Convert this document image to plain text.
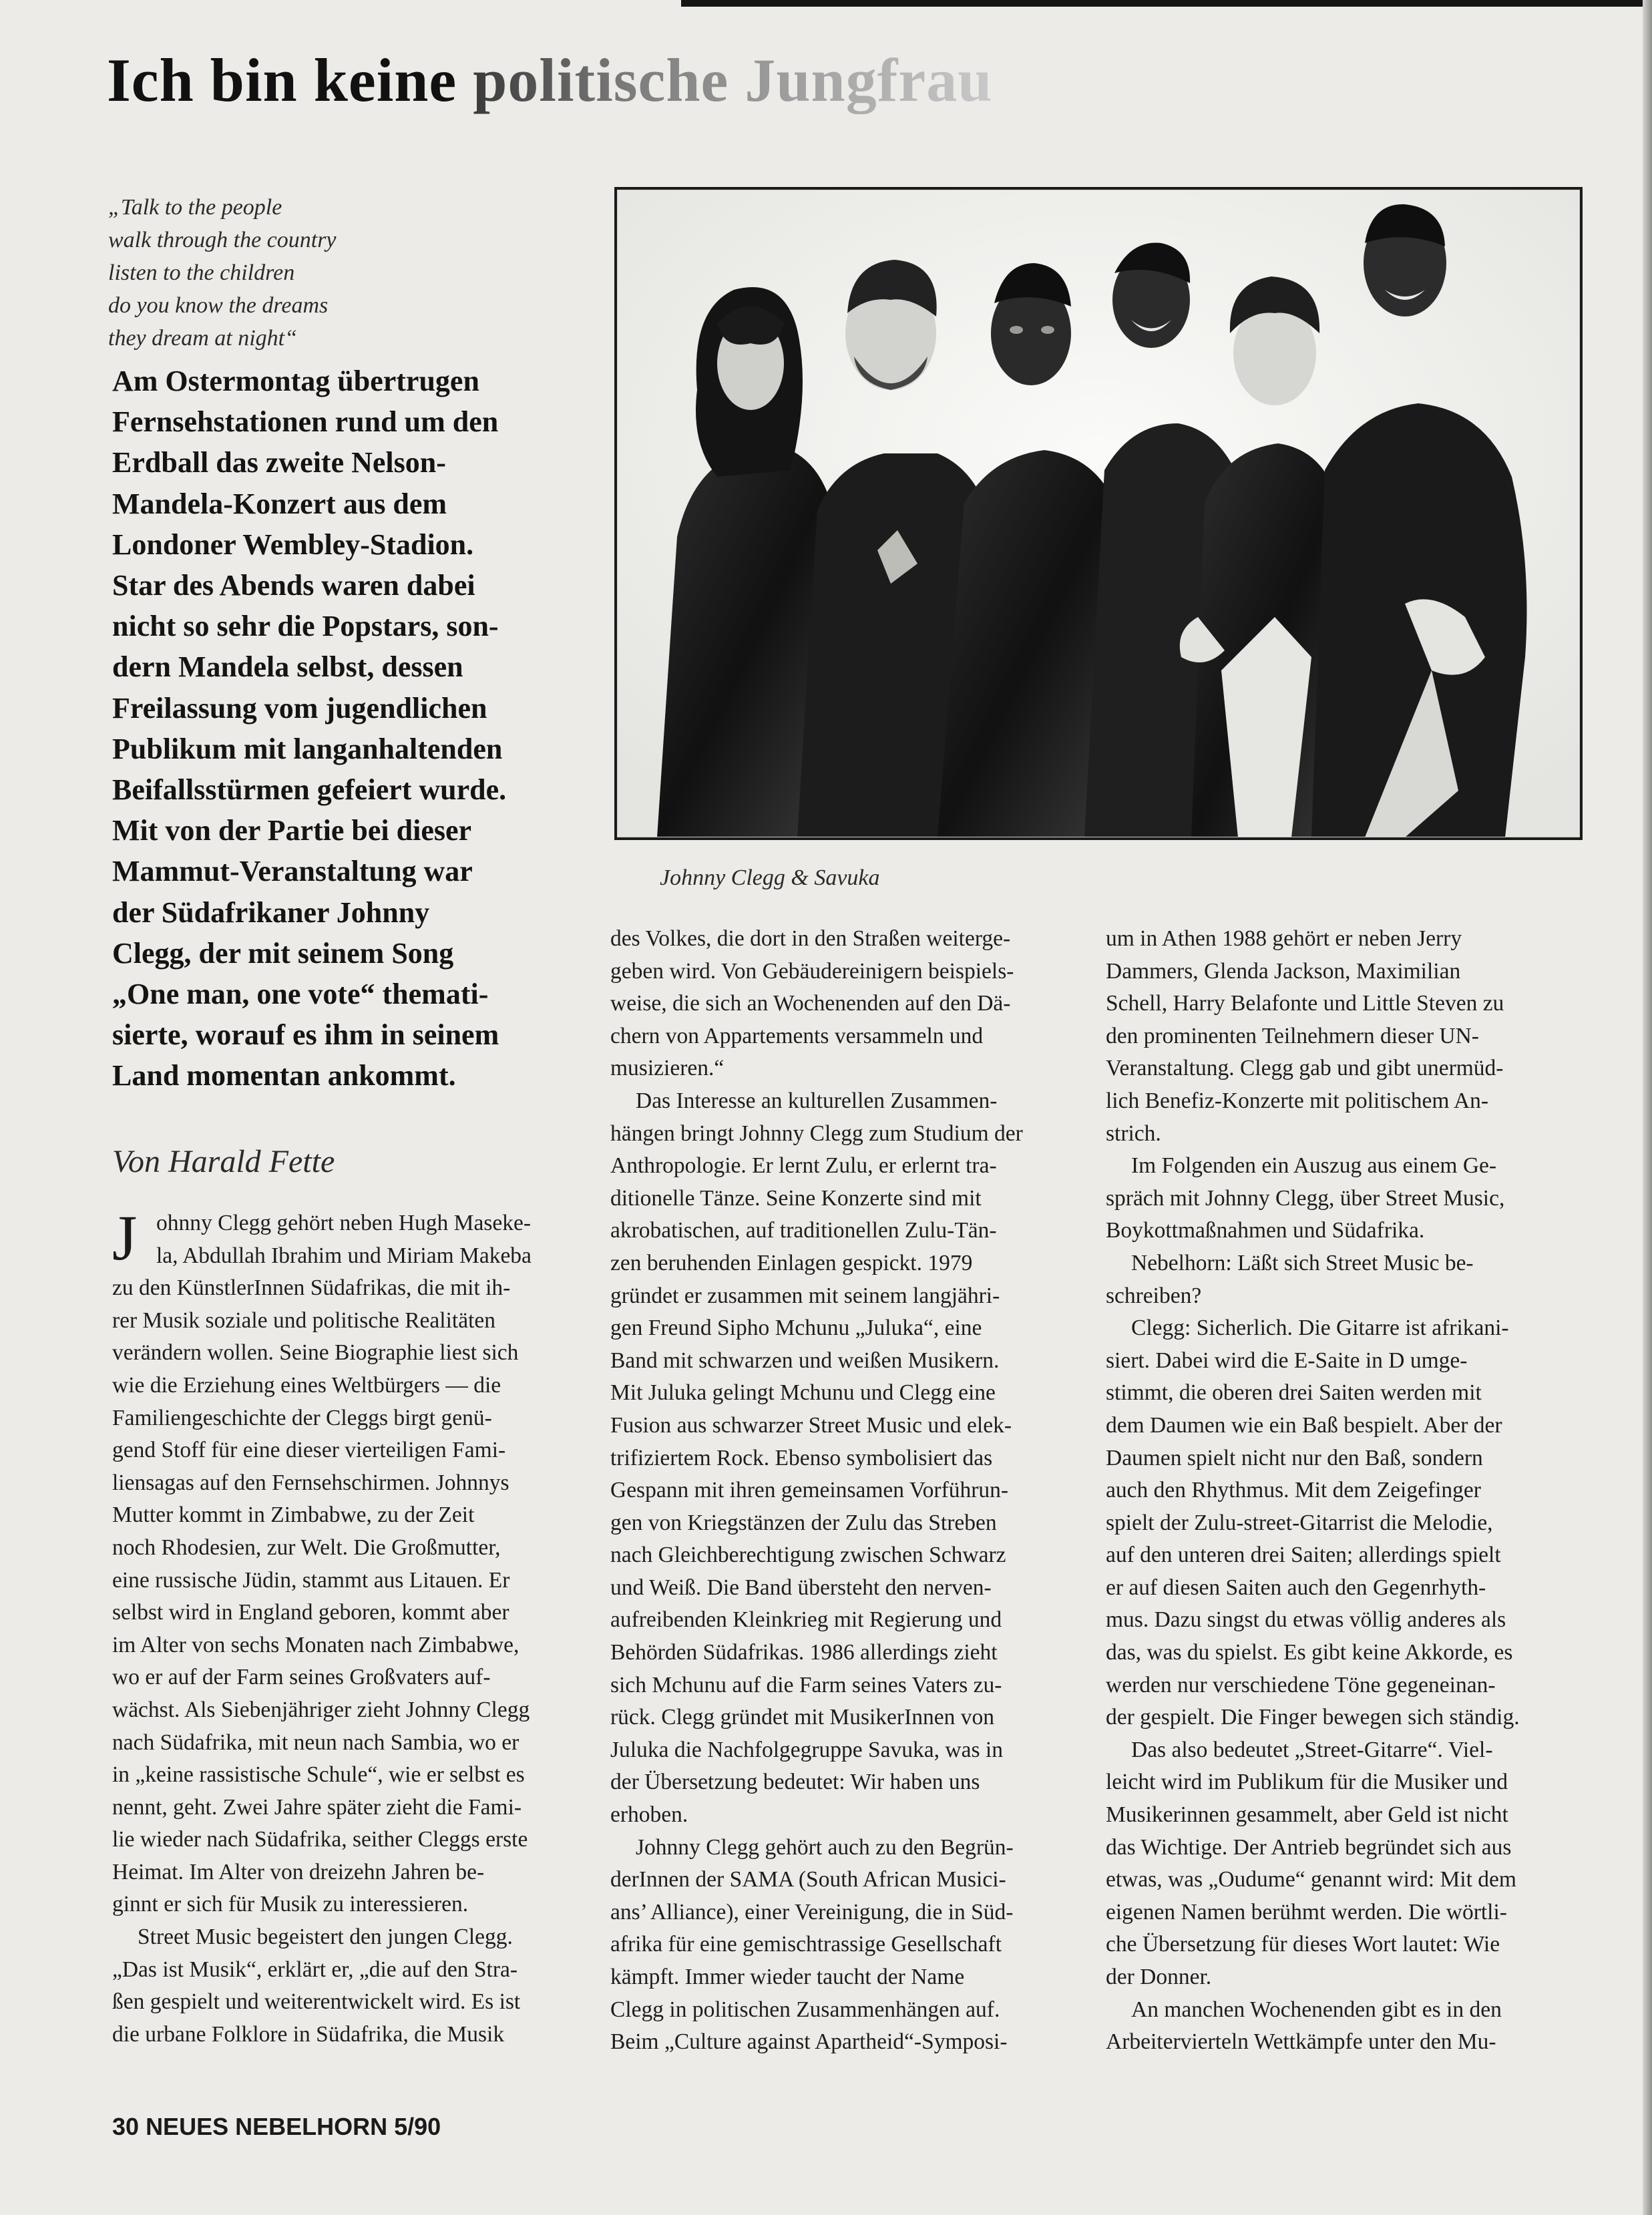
Ich bin keine politische Jungfrau
„Talk to the people
walk through the country
listen to the children
do you know the dreams
they dream at night“
Am Ostermontag übertrugen
Fernsehstationen rund um den
Erdball das zweite Nelson-
Mandela-Konzert aus dem
Londoner Wembley-Stadion.
Star des Abends waren dabei
nicht so sehr die Popstars, son-
dern Mandela selbst, dessen
Freilassung vom jugendlichen
Publikum mit langanhaltenden
Beifallsstürmen gefeiert wurde.
Mit von der Partie bei dieser
Mammut-Veranstaltung war
der Südafrikaner Johnny
Clegg, der mit seinem Song
„One man, one vote“ themati-
sierte, worauf es ihm in seinem
Land momentan ankommt.
Von Harald Fette
Johnny Clegg & Savuka
J ohnny Clegg gehört neben Hugh Maseke-
la, Abdullah Ibrahim und Miriam Makeba
zu den KünstlerInnen Südafrikas, die mit ih-
rer Musik soziale und politische Realitäten
verändern wollen. Seine Biographie liest sich
wie die Erziehung eines Weltbürgers — die
Familiengeschichte der Cleggs birgt genü-
gend Stoff für eine dieser vierteiligen Fami-
liensagas auf den Fernsehschirmen. Johnnys
Mutter kommt in Zimbabwe, zu der Zeit
noch Rhodesien, zur Welt. Die Großmutter,
eine russische Jüdin, stammt aus Litauen. Er
selbst wird in England geboren, kommt aber
im Alter von sechs Monaten nach Zimbabwe,
wo er auf der Farm seines Großvaters auf-
wächst. Als Siebenjähriger zieht Johnny Clegg
nach Südafrika, mit neun nach Sambia, wo er
in „keine rassistische Schule“, wie er selbst es
nennt, geht. Zwei Jahre später zieht die Fami-
lie wieder nach Südafrika, seither Cleggs erste
Heimat. Im Alter von dreizehn Jahren be-
ginnt er sich für Musik zu interessieren.
Street Music begeistert den jungen Clegg.
„Das ist Musik“, erklärt er, „die auf den Stra-
ßen gespielt und weiterentwickelt wird. Es ist
die urbane Folklore in Südafrika, die Musik
des Volkes, die dort in den Straßen weiterge-
geben wird. Von Gebäudereinigern beispiels-
weise, die sich an Wochenenden auf den Dä-
chern von Appartements versammeln und
musizieren.“
Das Interesse an kulturellen Zusammen-
hängen bringt Johnny Clegg zum Studium der
Anthropologie. Er lernt Zulu, er erlernt tra-
ditionelle Tänze. Seine Konzerte sind mit
akrobatischen, auf traditionellen Zulu-Tän-
zen beruhenden Einlagen gespickt. 1979
gründet er zusammen mit seinem langjähri-
gen Freund Sipho Mchunu „Juluka“, eine
Band mit schwarzen und weißen Musikern.
Mit Juluka gelingt Mchunu und Clegg eine
Fusion aus schwarzer Street Music und elek-
trifiziertem Rock. Ebenso symbolisiert das
Gespann mit ihren gemeinsamen Vorführun-
gen von Kriegstänzen der Zulu das Streben
nach Gleichberechtigung zwischen Schwarz
und Weiß. Die Band übersteht den nerven-
aufreibenden Kleinkrieg mit Regierung und
Behörden Südafrikas. 1986 allerdings zieht
sich Mchunu auf die Farm seines Vaters zu-
rück. Clegg gründet mit MusikerInnen von
Juluka die Nachfolgegruppe Savuka, was in
der Übersetzung bedeutet: Wir haben uns
erhoben.
Johnny Clegg gehört auch zu den Begrün-
derInnen der SAMA (South African Musici-
ans’ Alliance), einer Vereinigung, die in Süd-
afrika für eine gemischtrassige Gesellschaft
kämpft. Immer wieder taucht der Name
Clegg in politischen Zusammenhängen auf.
Beim „Culture against Apartheid“-Symposi-
um in Athen 1988 gehört er neben Jerry
Dammers, Glenda Jackson, Maximilian
Schell, Harry Belafonte und Little Steven zu
den prominenten Teilnehmern dieser UN-
Veranstaltung. Clegg gab und gibt unermüd-
lich Benefiz-Konzerte mit politischem An-
strich.
Im Folgenden ein Auszug aus einem Ge-
spräch mit Johnny Clegg, über Street Music,
Boykottmaßnahmen und Südafrika.
Nebelhorn: Läßt sich Street Music be-
schreiben?
Clegg: Sicherlich. Die Gitarre ist afrikani-
siert. Dabei wird die E-Saite in D umge-
stimmt, die oberen drei Saiten werden mit
dem Daumen wie ein Baß bespielt. Aber der
Daumen spielt nicht nur den Baß, sondern
auch den Rhythmus. Mit dem Zeigefinger
spielt der Zulu-street-Gitarrist die Melodie,
auf den unteren drei Saiten; allerdings spielt
er auf diesen Saiten auch den Gegenrhyth-
mus. Dazu singst du etwas völlig anderes als
das, was du spielst. Es gibt keine Akkorde, es
werden nur verschiedene Töne gegeneinan-
der gespielt. Die Finger bewegen sich ständig.
Das also bedeutet „Street-Gitarre“. Viel-
leicht wird im Publikum für die Musiker und
Musikerinnen gesammelt, aber Geld ist nicht
das Wichtige. Der Antrieb begründet sich aus
etwas, was „Oudume“ genannt wird: Mit dem
eigenen Namen berühmt werden. Die wörtli-
che Übersetzung für dieses Wort lautet: Wie
der Donner.
An manchen Wochenenden gibt es in den
Arbeitervierteln Wettkämpfe unter den Mu-
30 NEUES NEBELHORN 5/90
